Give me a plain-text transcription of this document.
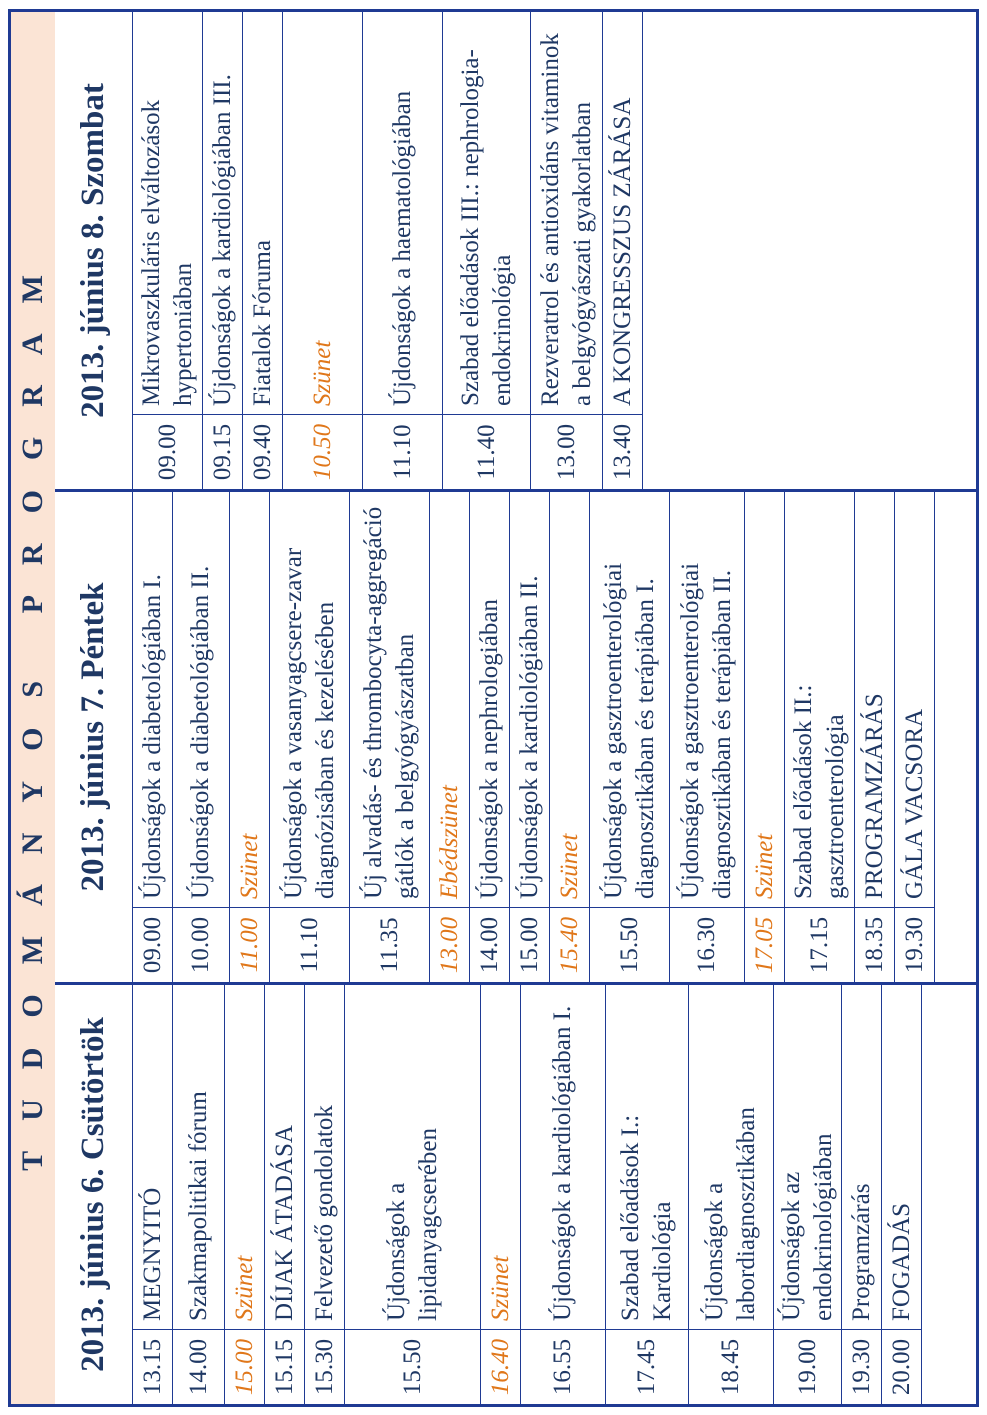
TUDOMÁNYOS PROGRAM
2013. június 6. Csütörtök	13.15
MEGNYITÓ
14.00
Szakmapolitikai fórum
15.00
Szünet
15.15
DÍJAK ÁTADÁSA
15.30
Felvezető gondolatok
15.50
Újdonságok a lipidanyagcserében
16.40
Szünet
16.55
Újdonságok a kardiológiában I.
17.45
Szabad előadások I.: Kardiológia
18.45
Újdonságok a labordiagnosztikában
19.00
Újdonságok az endokrinológiában
19.30
Programzárás
20.00
FOGADÁS
2013. június 7. Péntek
09.00
Újdonságok a diabetológiában I.
10.00
Újdonságok a diabetológiában II.
11.00
Szünet
11.10
Újdonságok a vasanyagcsere-zavar diagnózisában és kezelésében
11.35
Új alvadás- és thrombocyta-aggregáció gátlók a belgyógyászatban
13.00
Ebédszünet
14.00
Újdonságok a nephrologiában
15.00
Újdonságok a kardiológiában II.
15.40
Szünet
15.50
Újdonságok a gasztroenterológiai diagnosztikában és terápiában I.
16.30
Újdonságok a gasztroenterológiai diagnosztikában és terápiában II.
17.05
Szünet
17.15
Szabad előadások II.: gasztroenterológia
18.35
PROGRAMZÁRÁS
19.30
GÁLA VACSORA
2013. június 8. Szombat
09.00
Mikrovaszkuláris elváltozások hypertoniában
09.15
Újdonságok a kardiológiában III.
09.40
Fiatalok Fóruma
10.50
Szünet
11.10
Újdonságok a haematológiában
11.40
Szabad előadások III.: nephrologia-endokrinológia
13.00
Rezveratrol és antioxidáns vitaminok a belgyógyászati gyakorlatban
13.40
A KONGRESSZUS ZÁRÁSA
